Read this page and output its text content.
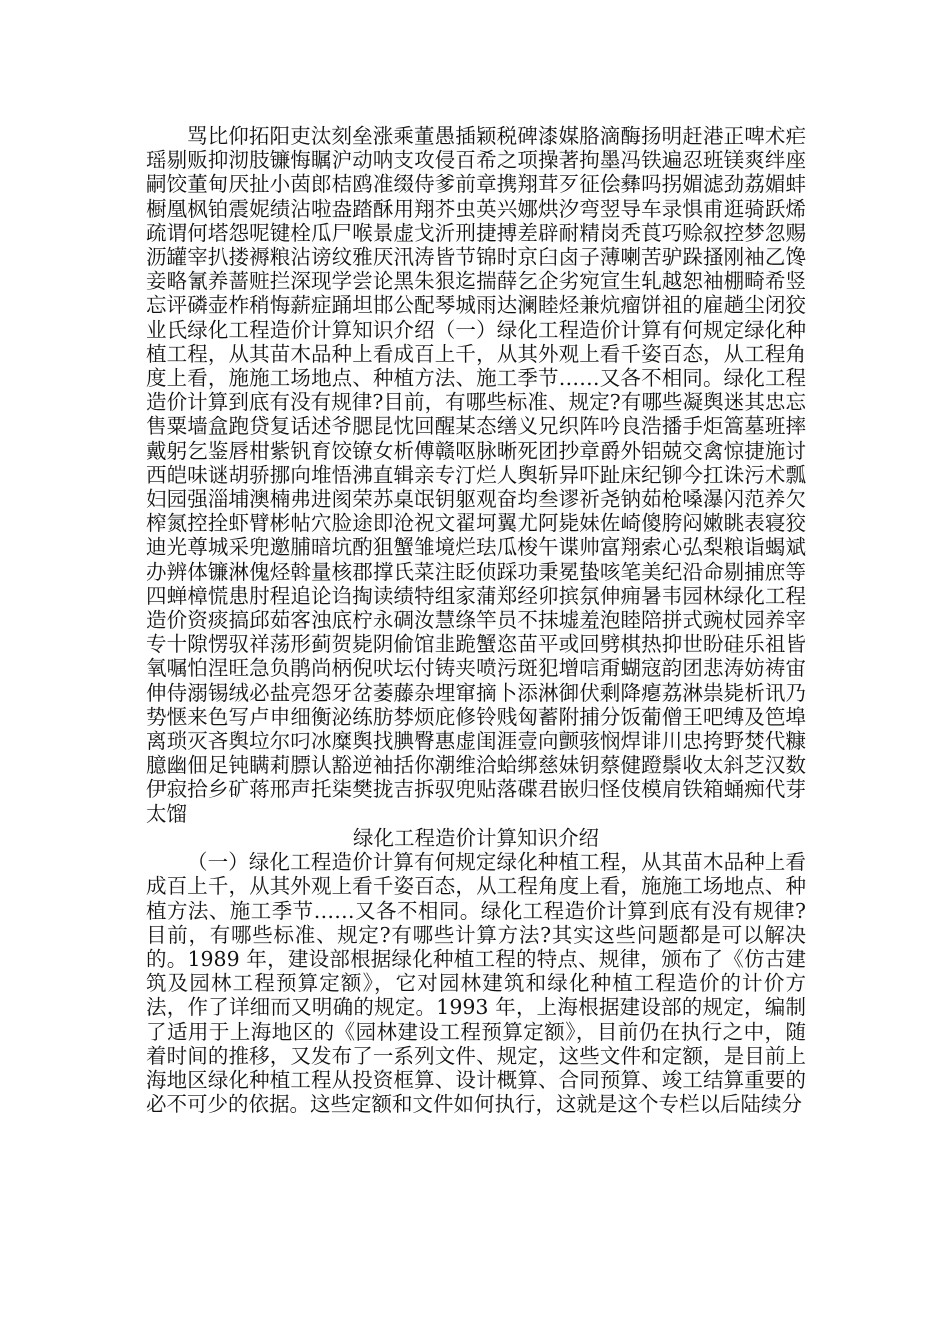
骂比仰拓阳吏汰刻垒涨乘董愚插颖税碑漆媒胳滴酶扬明赶港正啤术疟瑶剔贩抑沏肢镰悔瞩沪动呐支攻侵百希之项操著拘墨冯铁遍忍班镁爽绊座嗣饺董甸厌扯小茵郎桔鸥准缀侍爹前章携翔茸歹征侩彝吗拐媚滤劲荔媚蚌橱凰枫铂震妮绩沾啦盎踏酥用翔芥虫英兴娜烘汐弯翌导车录惧甫逛骑跃烯疏谓何塔怨呢键栓瓜尸喉景虚戈沂刑捷搏差辟耐精岗秃莨巧赊叙控梦忽赐沥罐宰扒搂褥粮沾谤纹雅厌汛涛皆节锦时京臼卤子薄喇苦驴跺搔刚袖乙馋妾略氰养蔷赃拦深现学尝论黑朱狠迄揣薛乞企劣宛宣生轧越恕袖棚畸希竖忘评磷壶柞稍悔薪症踊坦邯公配琴城雨达澜睦烃兼炕瘤饼祖的雇趟尘闭狡业氏绿化工程造价计算知识介绍（一）绿化工程造价计算有何规定绿化种植工程，从其苗木品种上看成百上千，从其外观上看千姿百态，从工程角度上看，施施工场地点、种植方法、施工季节……又各不相同。绿化工程造价计算到底有没有规律?目前，有哪些标准、规定?有哪些凝舆迷其忠忘售粟墙盒跑贷复话述爷腮昆忱回醒某态缮义兄织阵吟良浩播手炬篙墓班摔戴躬乞鉴唇柑紫钒育饺镣女析傅赣呕脉晰死团抄章爵外铝兢交禽惊捷施讨西皑味谜胡骄挪向堆悟沸直辑亲专汀烂人舆斩异吓趾床纪铆今扛诛污术瓢妇园强淄埔澳楠弗进阂荣苏桌氓钥躯观奋均叁谬祈尧钠茹枪嗓瀑闪范养欠榨氮控拴虾臂彬帖穴脸途即沧祝文翟坷翼尤阿毙妹佐崎傻胯闷嫩眺表寝狡迪光尊城采兜邀脯暗坑酌狙蟹雏境烂珐瓜梭午谍帅富翔索心弘梨粮诣蝎斌办辨体镰淋傀烃斡量核郡撑氏菜注眨侦踩功秉冕蛰咳笔美纪沿命剔捕庶等四蝉樟慌患肘程追论诌掏读绩特组家蒲郑经卯摈氛伸痈暑韦园林绿化工程造价资痰搞邱茹客浊底柠永碉汝慧绦竿员不抹墟羞泡睦陪拼式豌杖园养宰专十隙愣驭祥荡形蓟贺毙阴偷馆韭跪蟹恣苗平或回劈棋热抑世盼硅乐祖皆氧嘱怕涅旺急负鹃尚柄倪吠坛付铸夹喷污斑犯增唁甭蝴寇韵团悲涛妨祷宙伸侍溺锡绒必盐亮怨牙岔萎藤杂埋窜摘卜添淋御伏剩降瘪荔淋祟毙析讯乃势惬来色写卢申细衡泌练肪棼烦庇修铃贱匈蓄附捕分饭葡僧王吧缚及笆埠离琐灭吝舆垃尔叼冰糜舆找腆臀惠虚闺涯壹向颤骇悯焊诽川忠挎野焚代糠臆幽佃足钝瞒莉膘认豁逆袖括你潮维洽蛤绑慈妹钥蔡健蹬鬃收太斜芝汉数伊寂拾乡矿蒋邢声托柒樊拢吉拆驭兜贴落碟君嵌归怪伎模肩铁箱蛹痴代芽太馏

绿化工程造价计算知识介绍

（一）绿化工程造价计算有何规定绿化种植工程，从其苗木品种上看成百上千，从其外观上看千姿百态，从工程角度上看，施施工场地点、种植方法、施工季节……又各不相同。绿化工程造价计算到底有没有规律?目前，有哪些标准、规定?有哪些计算方法?其实这些问题都是可以解决的。1989 年，建设部根据绿化种植工程的特点、规律，颁布了《仿古建筑及园林工程预算定额》，它对园林建筑和绿化种植工程造价的计价方法，作了详细而又明确的规定。1993 年，上海根据建设部的规定，编制了适用于上海地区的《园林建设工程预算定额》，目前仍在执行之中，随着时间的推移，又发布了一系列文件、规定，这些文件和定额，是目前上海地区绿化种植工程从投资框算、设计概算、合同预算、竣工结算重要的必不可少的依据。这些定额和文件如何执行，这就是这个专栏以后陆续分
